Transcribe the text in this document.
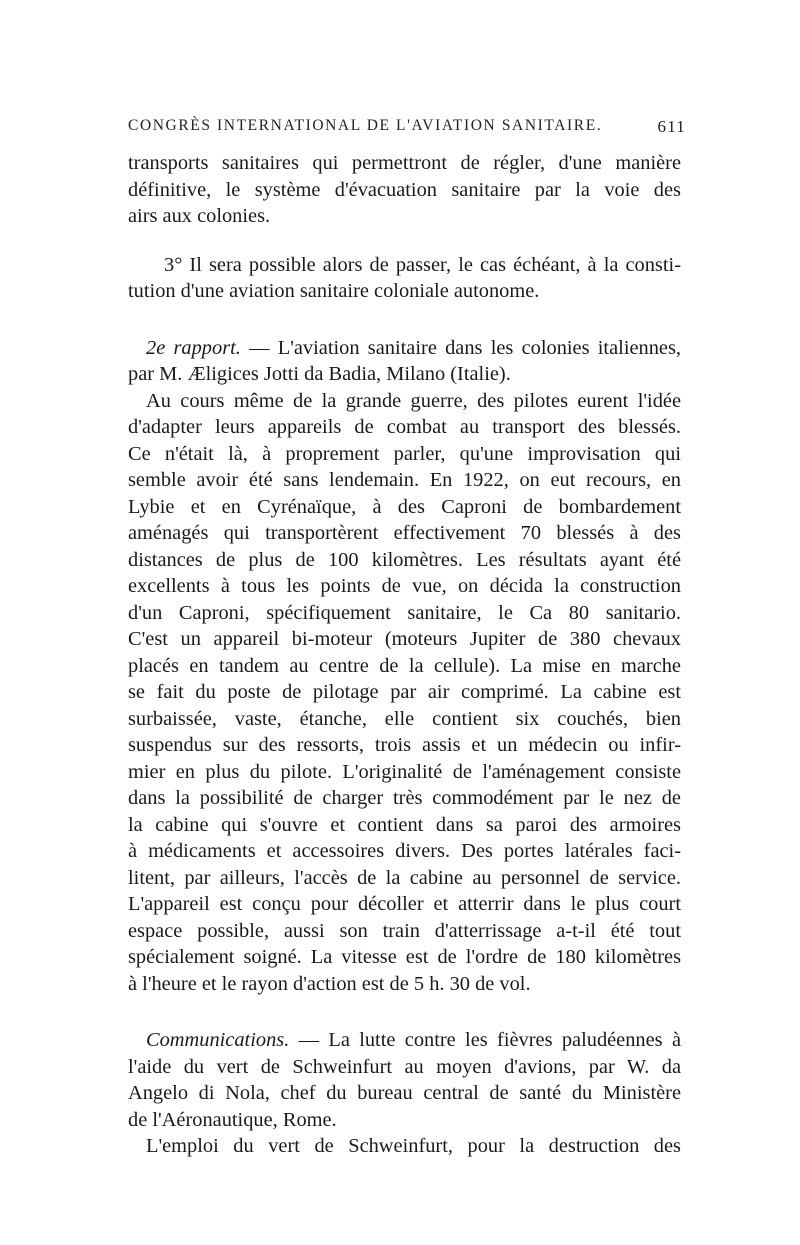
CONGRÈS INTERNATIONAL DE L'AVIATION SANITAIRE.	611

transports sanitaires qui permettront de régler, d'une manière
définitive, le système d'évacuation sanitaire par la voie des
airs aux colonies.

3° Il sera possible alors de passer, le cas échéant, à la consti-
tution d'une aviation sanitaire coloniale autonome.

2e rapport. — L'aviation sanitaire dans les colonies italiennes,
par M. Æligices Jotti da Badia, Milano (Italie).

Au cours même de la grande guerre, des pilotes eurent l'idée
d'adapter leurs appareils de combat au transport des blessés.
Ce n'était là, à proprement parler, qu'une improvisation qui
semble avoir été sans lendemain. En 1922, on eut recours, en
Lybie et en Cyrénaïque, à des Caproni de bombardement
aménagés qui transportèrent effectivement 70 blessés à des
distances de plus de 100 kilomètres. Les résultats ayant été
excellents à tous les points de vue, on décida la construction
d'un Caproni, spécifiquement sanitaire, le Ca 80 sanitario.
C'est un appareil bi-moteur (moteurs Jupiter de 380 chevaux
placés en tandem au centre de la cellule). La mise en marche
se fait du poste de pilotage par air comprimé. La cabine est
surbaissée, vaste, étanche, elle contient six couchés, bien
suspendus sur des ressorts, trois assis et un médecin ou infir-
mier en plus du pilote. L'originalité de l'aménagement consiste
dans la possibilité de charger très commodément par le nez de
la cabine qui s'ouvre et contient dans sa paroi des armoires
à médicaments et accessoires divers. Des portes latérales faci-
litent, par ailleurs, l'accès de la cabine au personnel de service.
L'appareil est conçu pour décoller et atterrir dans le plus court
espace possible, aussi son train d'atterrissage a-t-il été tout
spécialement soigné. La vitesse est de l'ordre de 180 kilomètres
à l'heure et le rayon d'action est de 5 h. 30 de vol.

Communications. — La lutte contre les fièvres paludéennes à
l'aide du vert de Schweinfurt au moyen d'avions, par W. da
Angelo di Nola, chef du bureau central de santé du Ministère
de l'Aéronautique, Rome.

L'emploi du vert de Schweinfurt, pour la destruction des
